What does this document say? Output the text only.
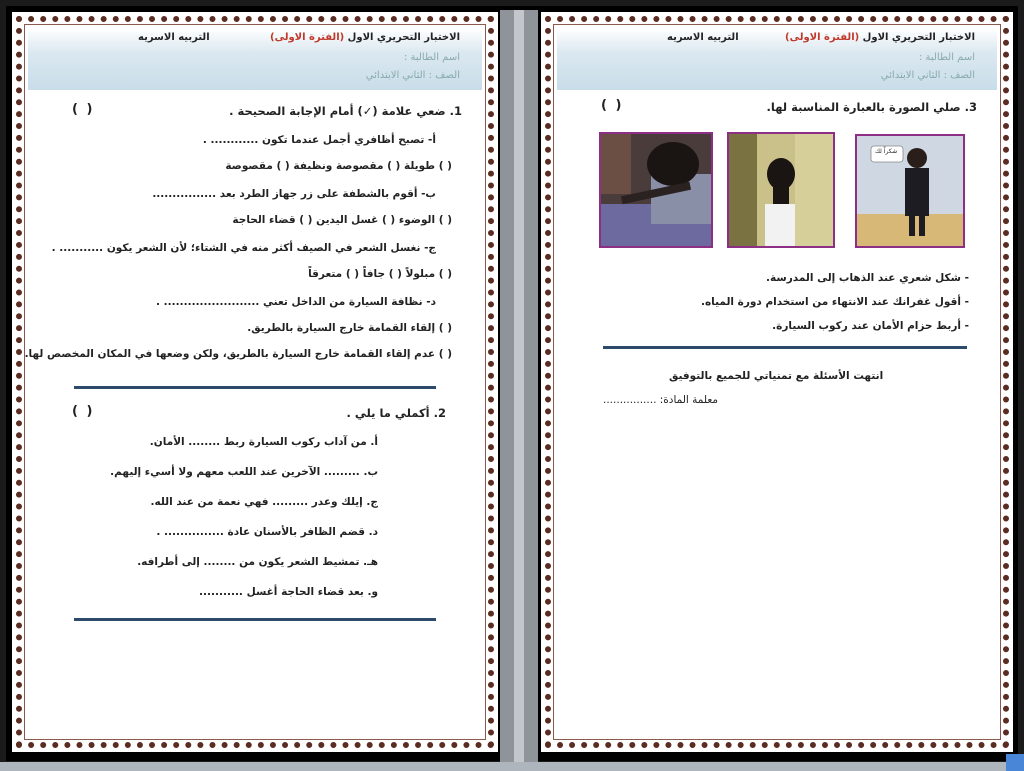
الاختبار التحريري الاول (الفترة الاولى)
التربيه الاسريه
اسم الطالبة :
الصف : الثاني الابتدائي
1. ضعي علامة (✓) أمام الإجابة الصحيحة .
( )
أ- تصبح أظافري أجمل عندما تكون ............ .
( ) طويلة ( ) مقصوصة ونظيفة ( ) مقصوصة
ب- أقوم بالشطفة على زر جهاز الطرد بعد ................
( ) الوضوء ( ) غسل اليدين ( ) قضاء الحاجة
ج- نغسل الشعر في الصيف أكثر منه في الشتاء؛ لأن الشعر يكون ........... .
( ) مبلولاً ( ) جافاً ( ) متعرقاً
د- نظافة السيارة من الداخل تعني ........................ .
( ) إلقاء القمامة خارج السيارة بالطريق.
( ) عدم إلقاء القمامة خارج السيارة بالطريق، ولكن وضعها في المكان المخصص لها.
2. أكملي ما يلي .
( )
أ. من آداب ركوب السيارة ربط ........ الأمان.
ب. ......... الآخرين عند اللعب معهم ولا أسيء إليهم.
ج. إيلك وعدر ......... فهي نعمة من عند الله.
د. قضم الظافر بالأسنان عادة ............... .
هـ. تمشيط الشعر يكون من ........ إلى أطرافه.
و. بعد قضاء الحاجة أغسل ...........
الاختبار التحريري الاول (الفترة الاولى)
التربيه الاسريه
اسم الطالبة :
الصف : الثاني الابتدائي
3. صلي الصورة بالعبارة المناسبة لها.
( )
شكراً لك
- شكل شعري عند الذهاب إلى المدرسة.
- أقول غفرانك عند الانتهاء من استخدام دورة المياه.
- أربط حزام الأمان عند ركوب السيارة.
انتهت الأسئلة مع تمنياتي للجميع بالتوفيق
معلمة المادة: ................
